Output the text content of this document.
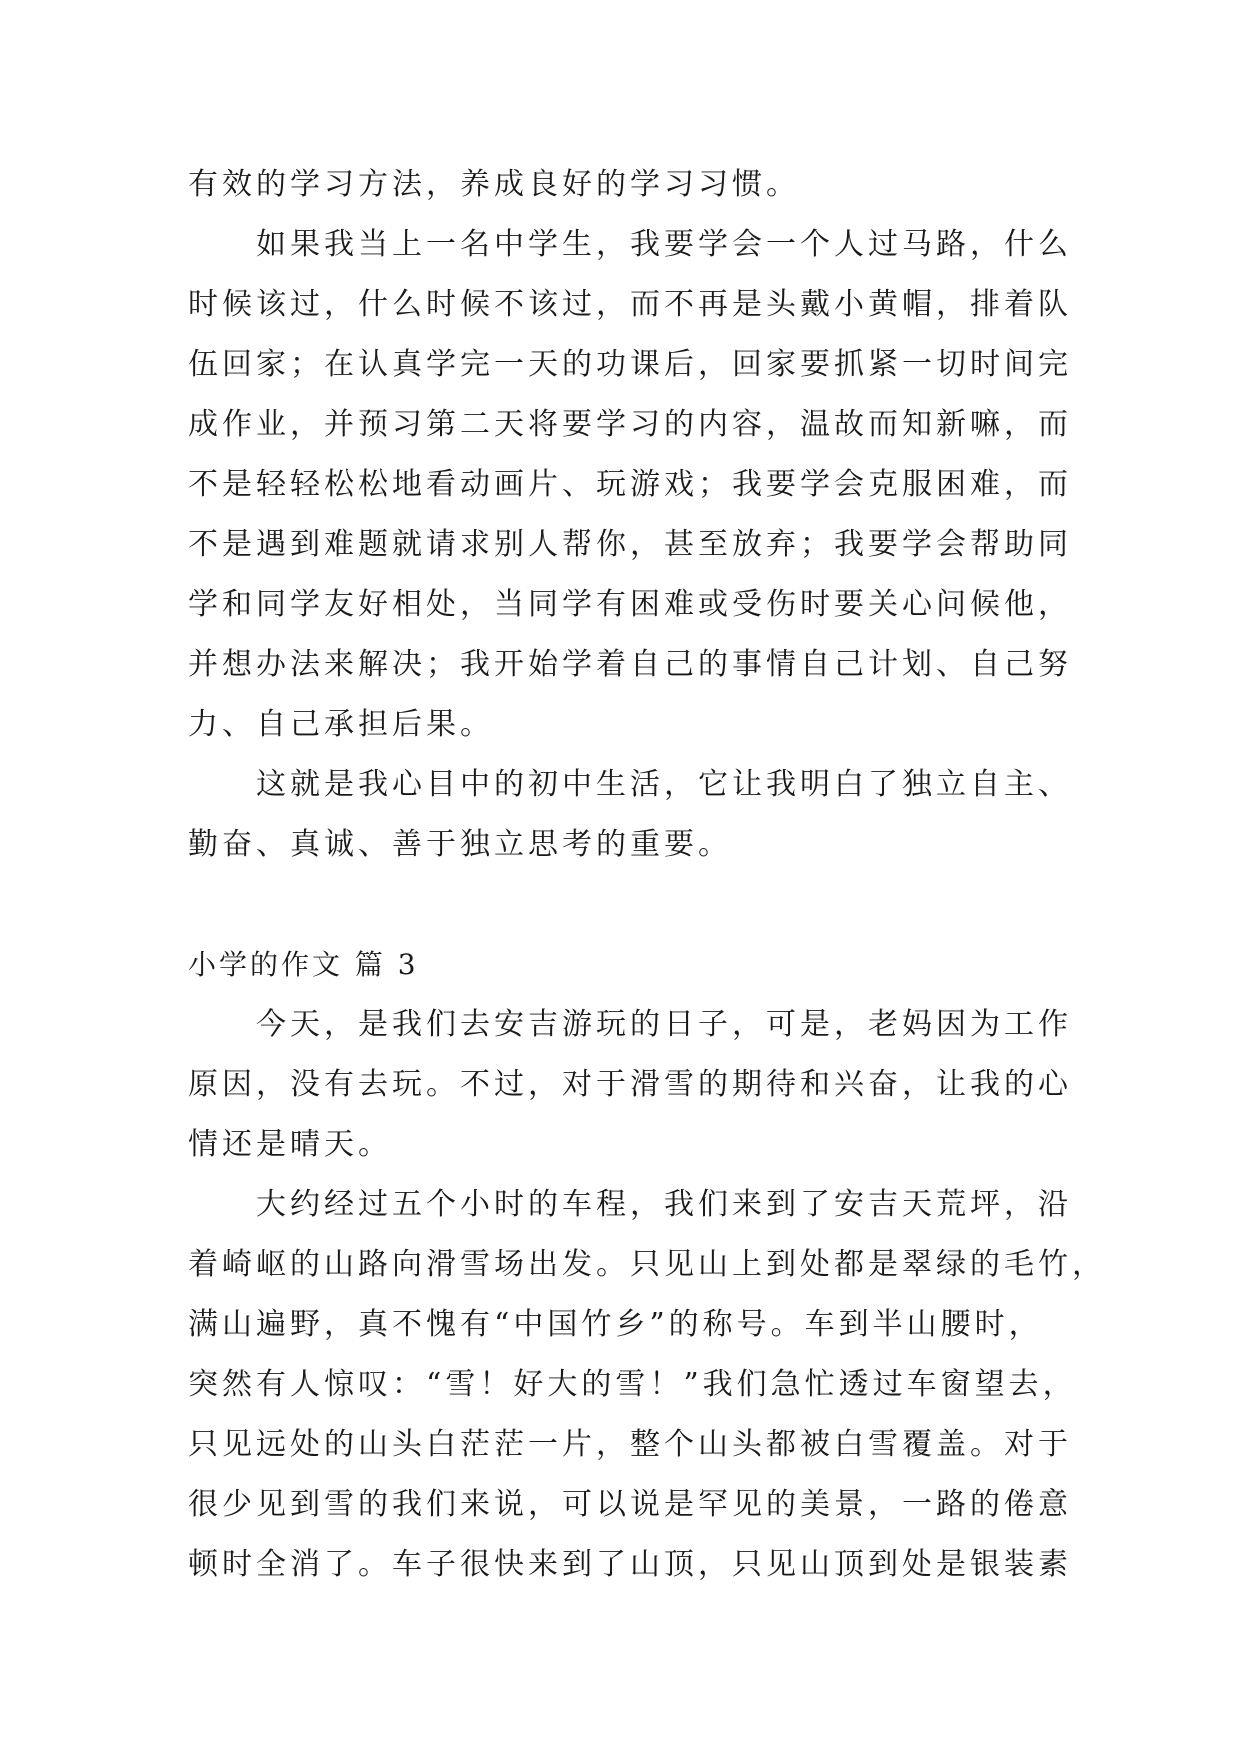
有效的学习方法，养成良好的学习习惯。
如果我当上一名中学生，我要学会一个人过马路，什么
时候该过，什么时候不该过，而不再是头戴小黄帽，排着队
伍回家；在认真学完一天的功课后，回家要抓紧一切时间完
成作业，并预习第二天将要学习的内容，温故而知新嘛，而
不是轻轻松松地看动画片、玩游戏；我要学会克服困难，而
不是遇到难题就请求别人帮你，甚至放弃；我要学会帮助同
学和同学友好相处，当同学有困难或受伤时要关心问候他，
并想办法来解决；我开始学着自己的事情自己计划、自己努
力、自己承担后果。
这就是我心目中的初中生活，它让我明白了独立自主、
勤奋、真诚、善于独立思考的重要。
小学的作文 篇 3
今天，是我们去安吉游玩的日子，可是，老妈因为工作
原因，没有去玩。不过，对于滑雪的期待和兴奋，让我的心
情还是晴天。
大约经过五个小时的车程，我们来到了安吉天荒坪，沿
着崎岖的山路向滑雪场出发。只见山上到处都是翠绿的毛竹，
满山遍野，真不愧有“中国竹乡”的称号。车到半山腰时，
突然有人惊叹：“雪！好大的雪！”我们急忙透过车窗望去，
只见远处的山头白茫茫一片，整个山头都被白雪覆盖。对于
很少见到雪的我们来说，可以说是罕见的美景，一路的倦意
顿时全消了。车子很快来到了山顶，只见山顶到处是银装素
